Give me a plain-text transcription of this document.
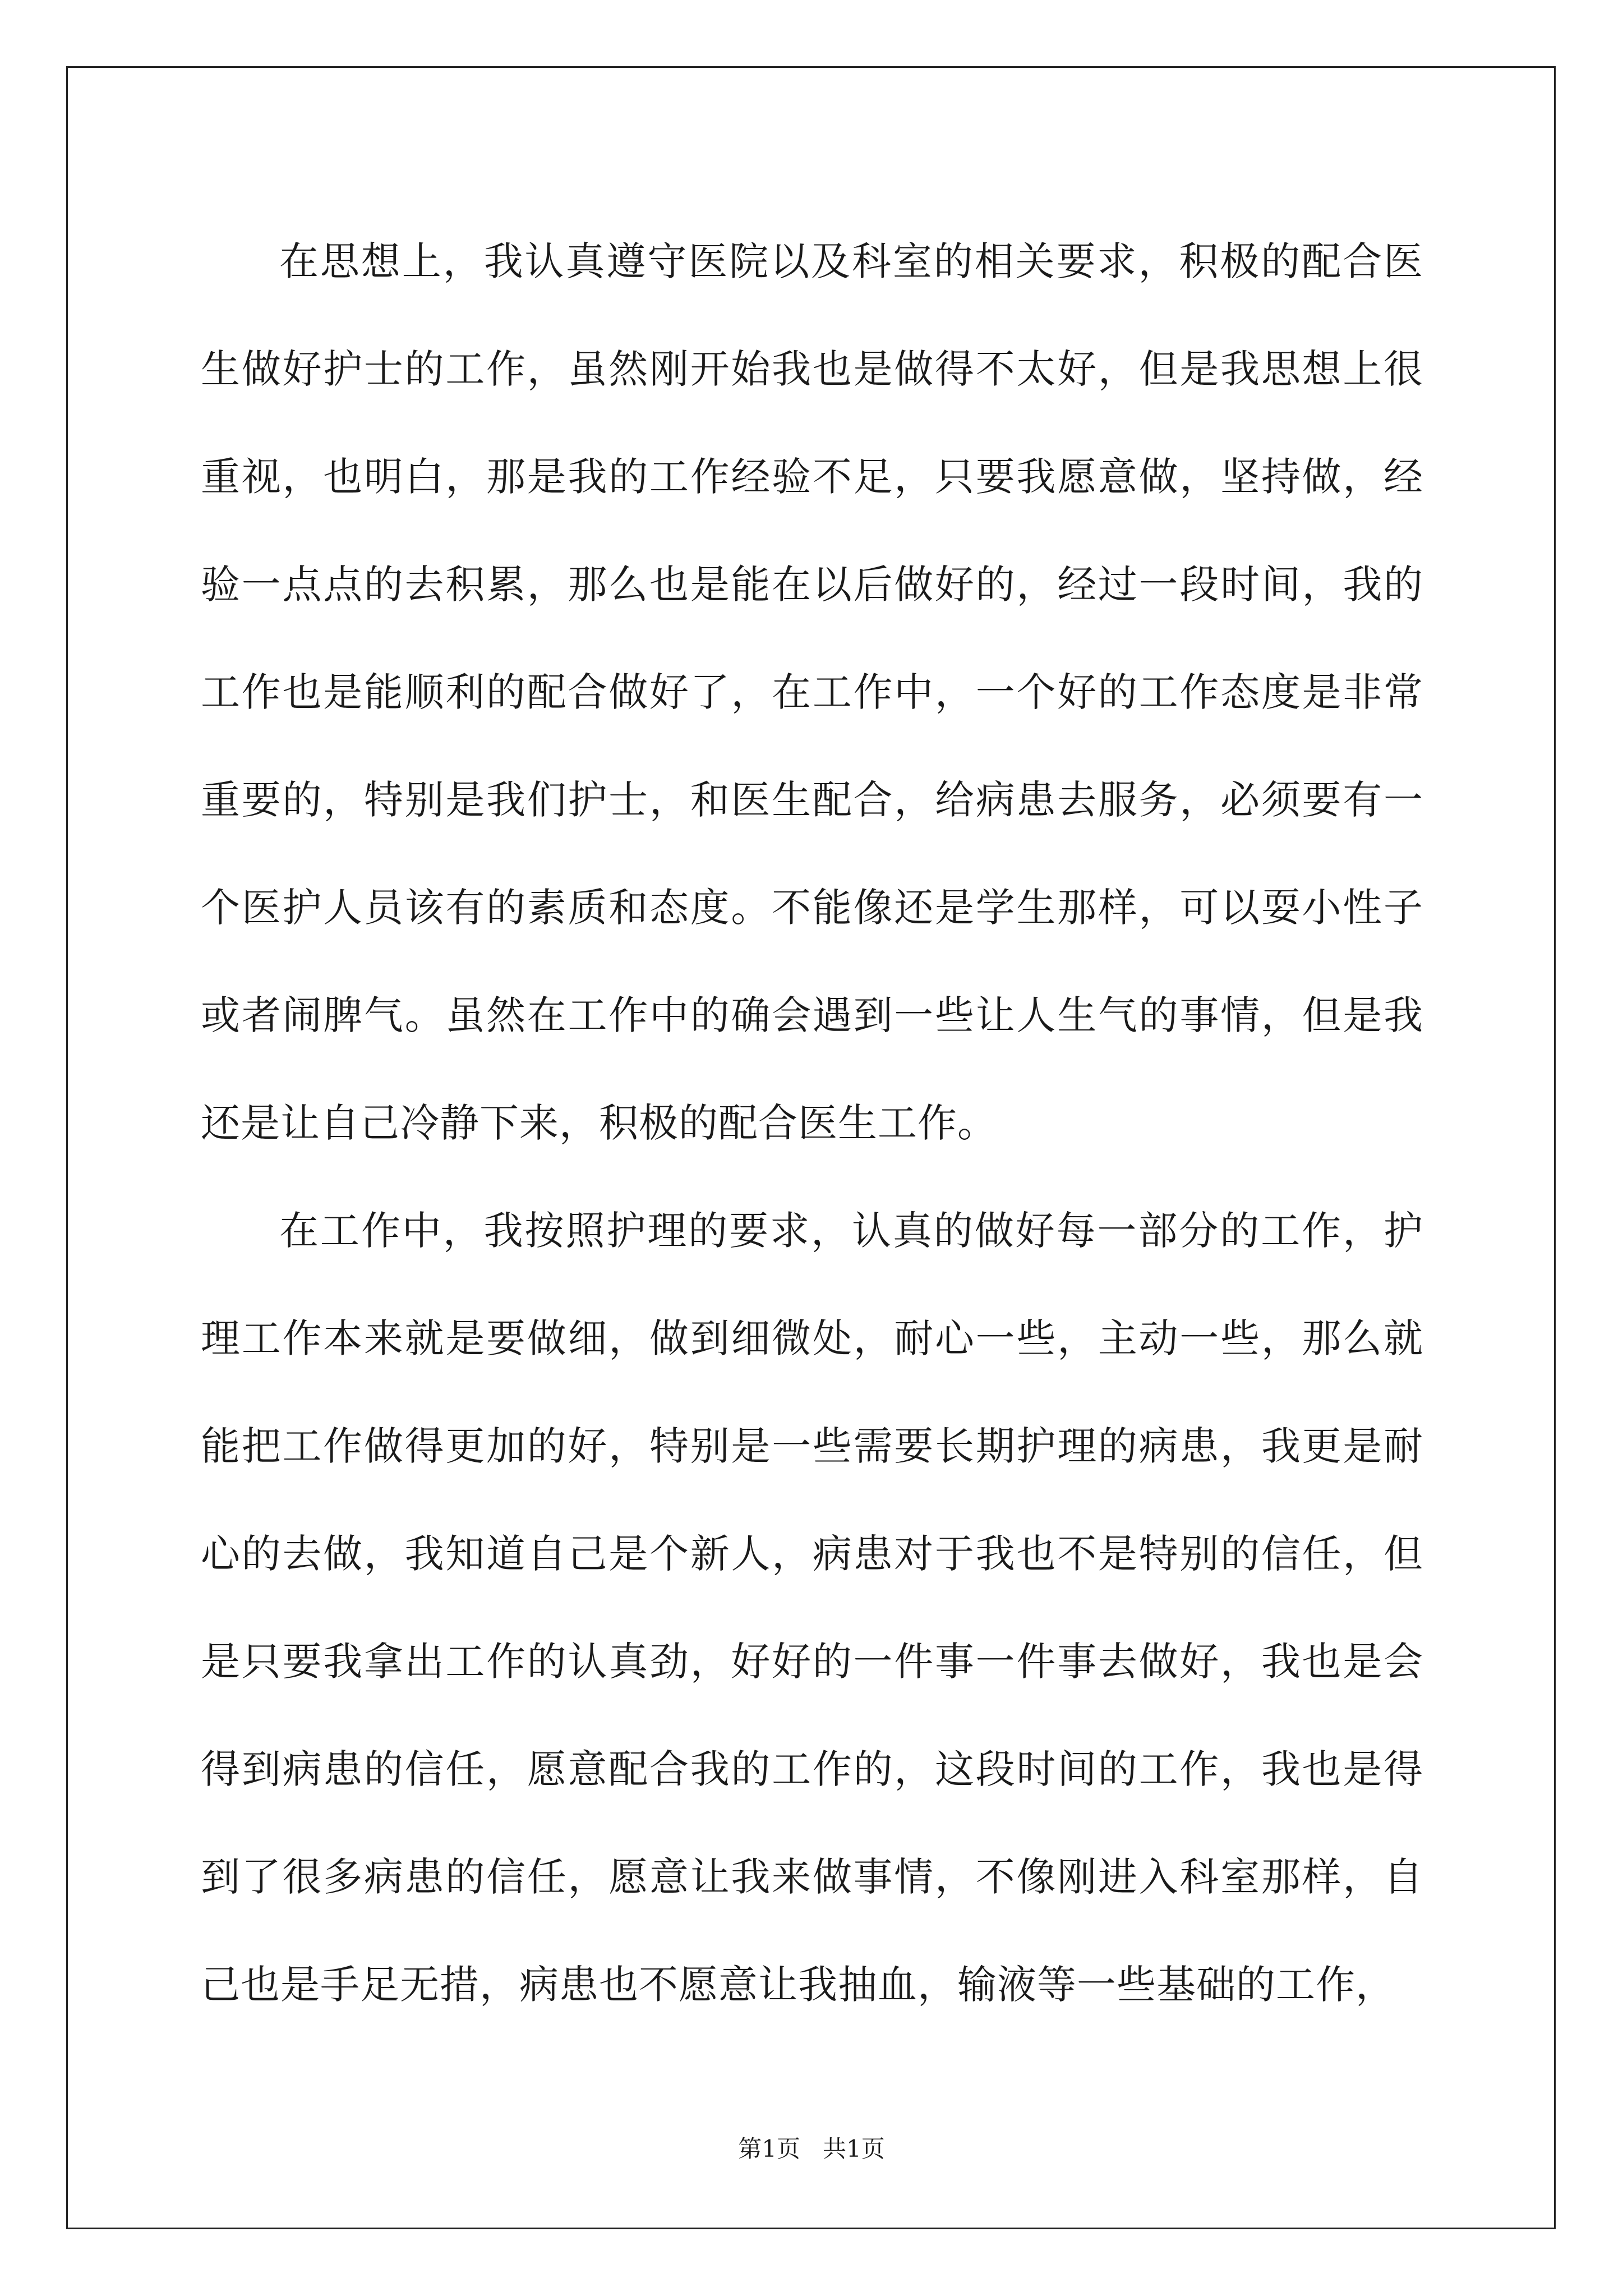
在思想上，我认真遵守医院以及科室的相关要求，积极的配合医生做好护士的工作，虽然刚开始我也是做得不太好，但是我思想上很重视，也明白，那是我的工作经验不足，只要我愿意做，坚持做，经验一点点的去积累，那么也是能在以后做好的，经过一段时间，我的工作也是能顺利的配合做好了，在工作中，一个好的工作态度是非常重要的，特别是我们护士，和医生配合，给病患去服务，必须要有一个医护人员该有的素质和态度。不能像还是学生那样，可以耍小性子或者闹脾气。虽然在工作中的确会遇到一些让人生气的事情，但是我还是让自己冷静下来，积极的配合医生工作。

在工作中，我按照护理的要求，认真的做好每一部分的工作，护理工作本来就是要做细，做到细微处，耐心一些，主动一些，那么就能把工作做得更加的好，特别是一些需要长期护理的病患，我更是耐心的去做，我知道自己是个新人，病患对于我也不是特别的信任，但是只要我拿出工作的认真劲，好好的一件事一件事去做好，我也是会得到病患的信任，愿意配合我的工作的，这段时间的工作，我也是得到了很多病患的信任，愿意让我来做事情，不像刚进入科室那样，自己也是手足无措，病患也不愿意让我抽血，输液等一些基础的工作，

第1页   共1页
